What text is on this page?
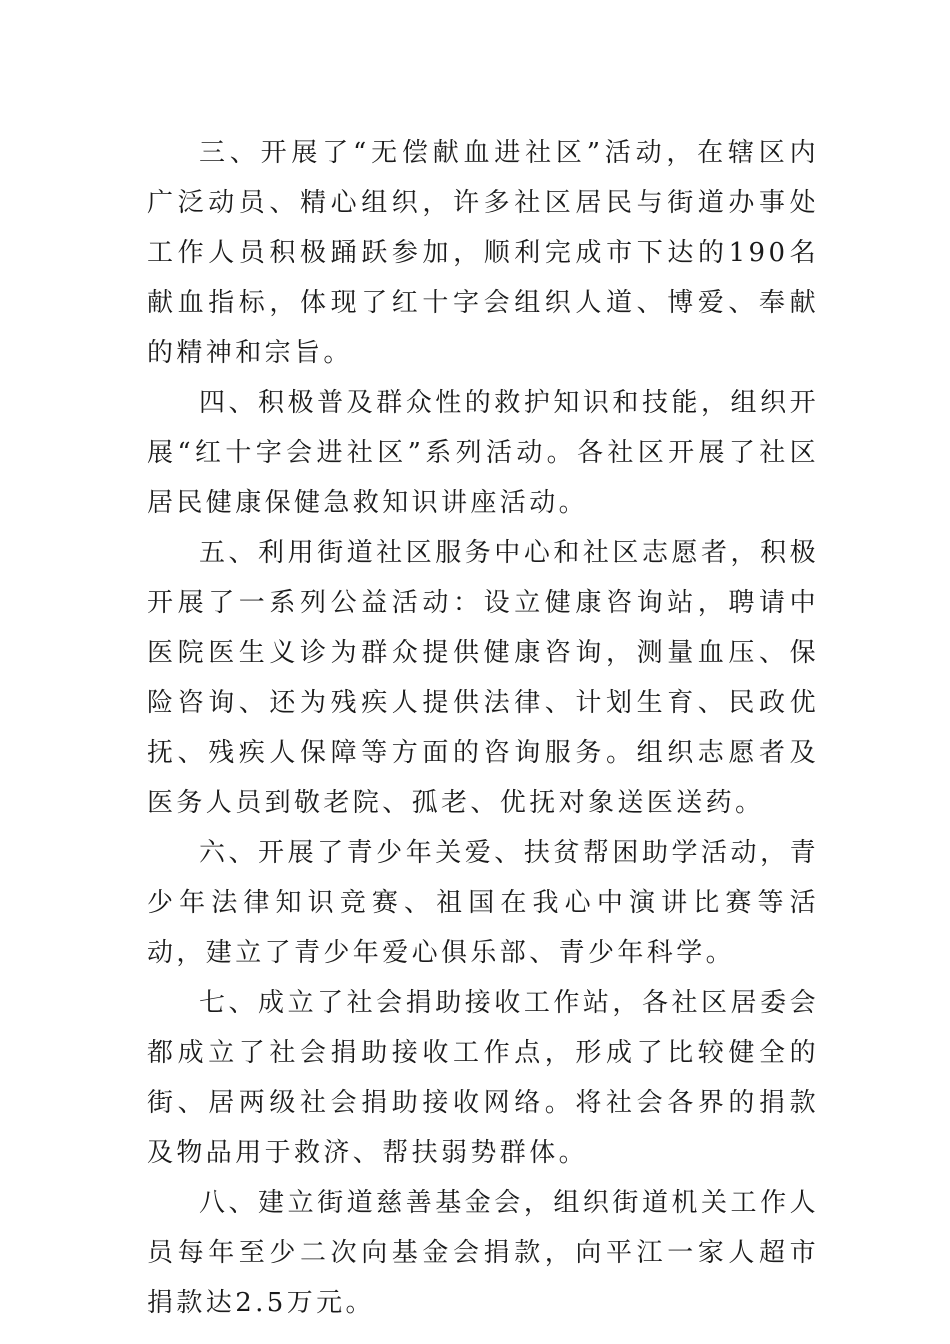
三、开展了“无偿献血进社区”活动，在辖区内广泛动员、精心组织，许多社区居民与街道办事处工作人员积极踊跃参加，顺利完成市下达的190名献血指标，体现了红十字会组织人道、博爱、奉献的精神和宗旨。

四、积极普及群众性的救护知识和技能，组织开展“红十字会进社区”系列活动。各社区开展了社区居民健康保健急救知识讲座活动。

五、利用街道社区服务中心和社区志愿者，积极开展了一系列公益活动：设立健康咨询站，聘请中医院医生义诊为群众提供健康咨询，测量血压、保险咨询、还为残疾人提供法律、计划生育、民政优抚、残疾人保障等方面的咨询服务。组织志愿者及医务人员到敬老院、孤老、优抚对象送医送药。

六、开展了青少年关爱、扶贫帮困助学活动，青少年法律知识竞赛、祖国在我心中演讲比赛等活动，建立了青少年爱心俱乐部、青少年科学。

七、成立了社会捐助接收工作站，各社区居委会都成立了社会捐助接收工作点，形成了比较健全的街、居两级社会捐助接收网络。将社会各界的捐款及物品用于救济、帮扶弱势群体。

八、建立街道慈善基金会，组织街道机关工作人员每年至少二次向基金会捐款，向平江一家人超市捐款达2.5万元。
